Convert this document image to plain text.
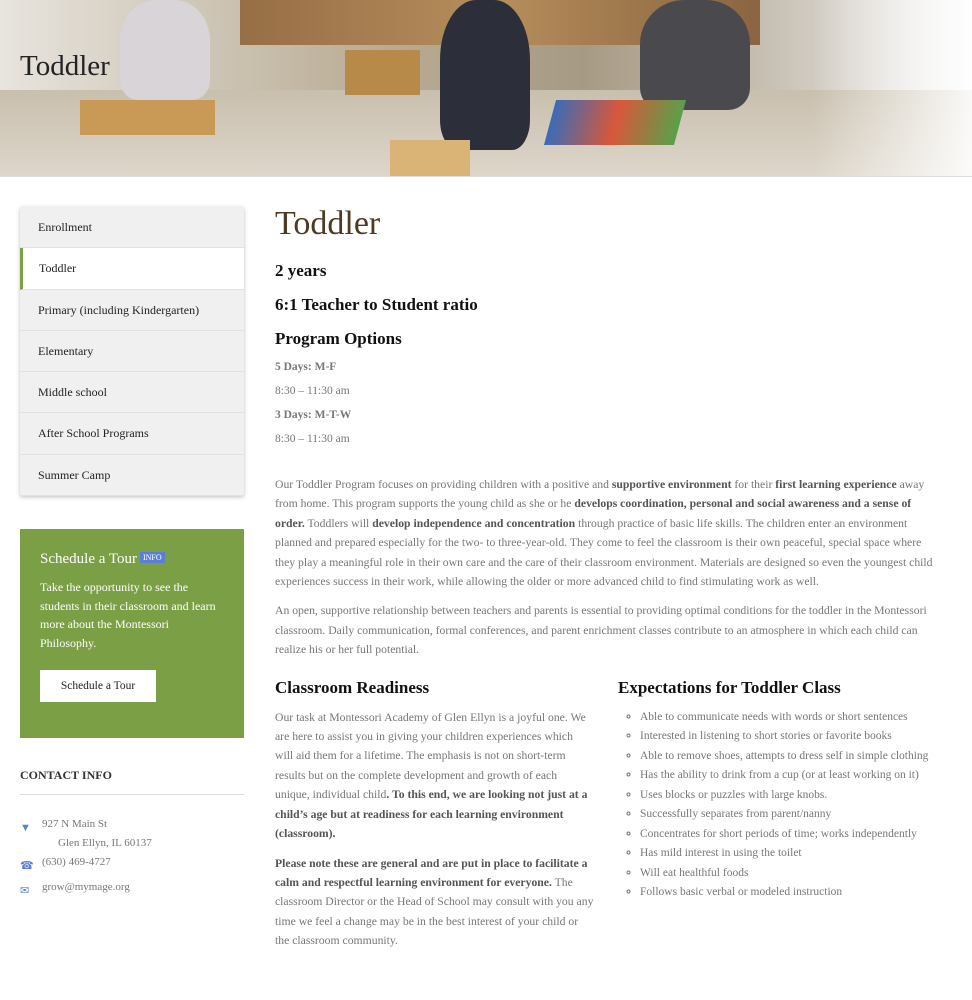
Toddler
Enrollment
Toddler
Primary (including Kindergarten)
Elementary
Middle school
After School Programs
Summer Camp
Schedule a Tour INFO

Take the opportunity to see the students in their classroom and learn more about the Montessori Philosophy.

Schedule a Tour
CONTACT INFO
▼ 927 N Main St
Glen Ellyn, IL 60137
☎ (630) 469-4727
✉ grow@mymage.org
Toddler
2 years
6:1 Teacher to Student ratio
Program Options
5 Days: M-F
8:30 – 11:30 am
3 Days: M-T-W
8:30 – 11:30 am

Our Toddler Program focuses on providing children with a positive and supportive environment for their first learning experience away from home. This program supports the young child as she or he develops coordination, personal and social awareness and a sense of order. Toddlers will develop independence and concentration through practice of basic life skills. The children enter an environment planned and prepared especially for the two- to three-year-old. They come to feel the classroom is their own peaceful, special space where they play a meaningful role in their own care and the care of their classroom environment. Materials are designed so even the youngest child experiences success in their work, while allowing the older or more advanced child to find stimulating work as well.

An open, supportive relationship between teachers and parents is essential to providing optimal conditions for the toddler in the Montessori classroom. Daily communication, formal conferences, and parent enrichment classes contribute to an atmosphere in which each child can realize his or her full potential.

Classroom Readiness

Our task at Montessori Academy of Glen Ellyn is a joyful one. We are here to assist you in giving your children experiences which will aid them for a lifetime. The emphasis is not on short-term results but on the complete development and growth of each unique, individual child. To this end, we are looking not just at a child’s age but at readiness for each learning environment (classroom).

Please note these are general and are put in place to facilitate a calm and respectful learning environment for everyone. The classroom Director or the Head of School may consult with you any time we feel a change may be in the best interest of your child or the classroom community.

Expectations for Toddler Class
◦ Able to communicate needs with words or short sentences
◦ Interested in listening to short stories or favorite books
◦ Able to remove shoes, attempts to dress self in simple clothing
◦ Has the ability to drink from a cup (or at least working on it)
◦ Uses blocks or puzzles with large knobs.
◦ Successfully separates from parent/nanny
◦ Concentrates for short periods of time; works independently
◦ Has mild interest in using the toilet
◦ Will eat healthful foods
◦ Follows basic verbal or modeled instruction
